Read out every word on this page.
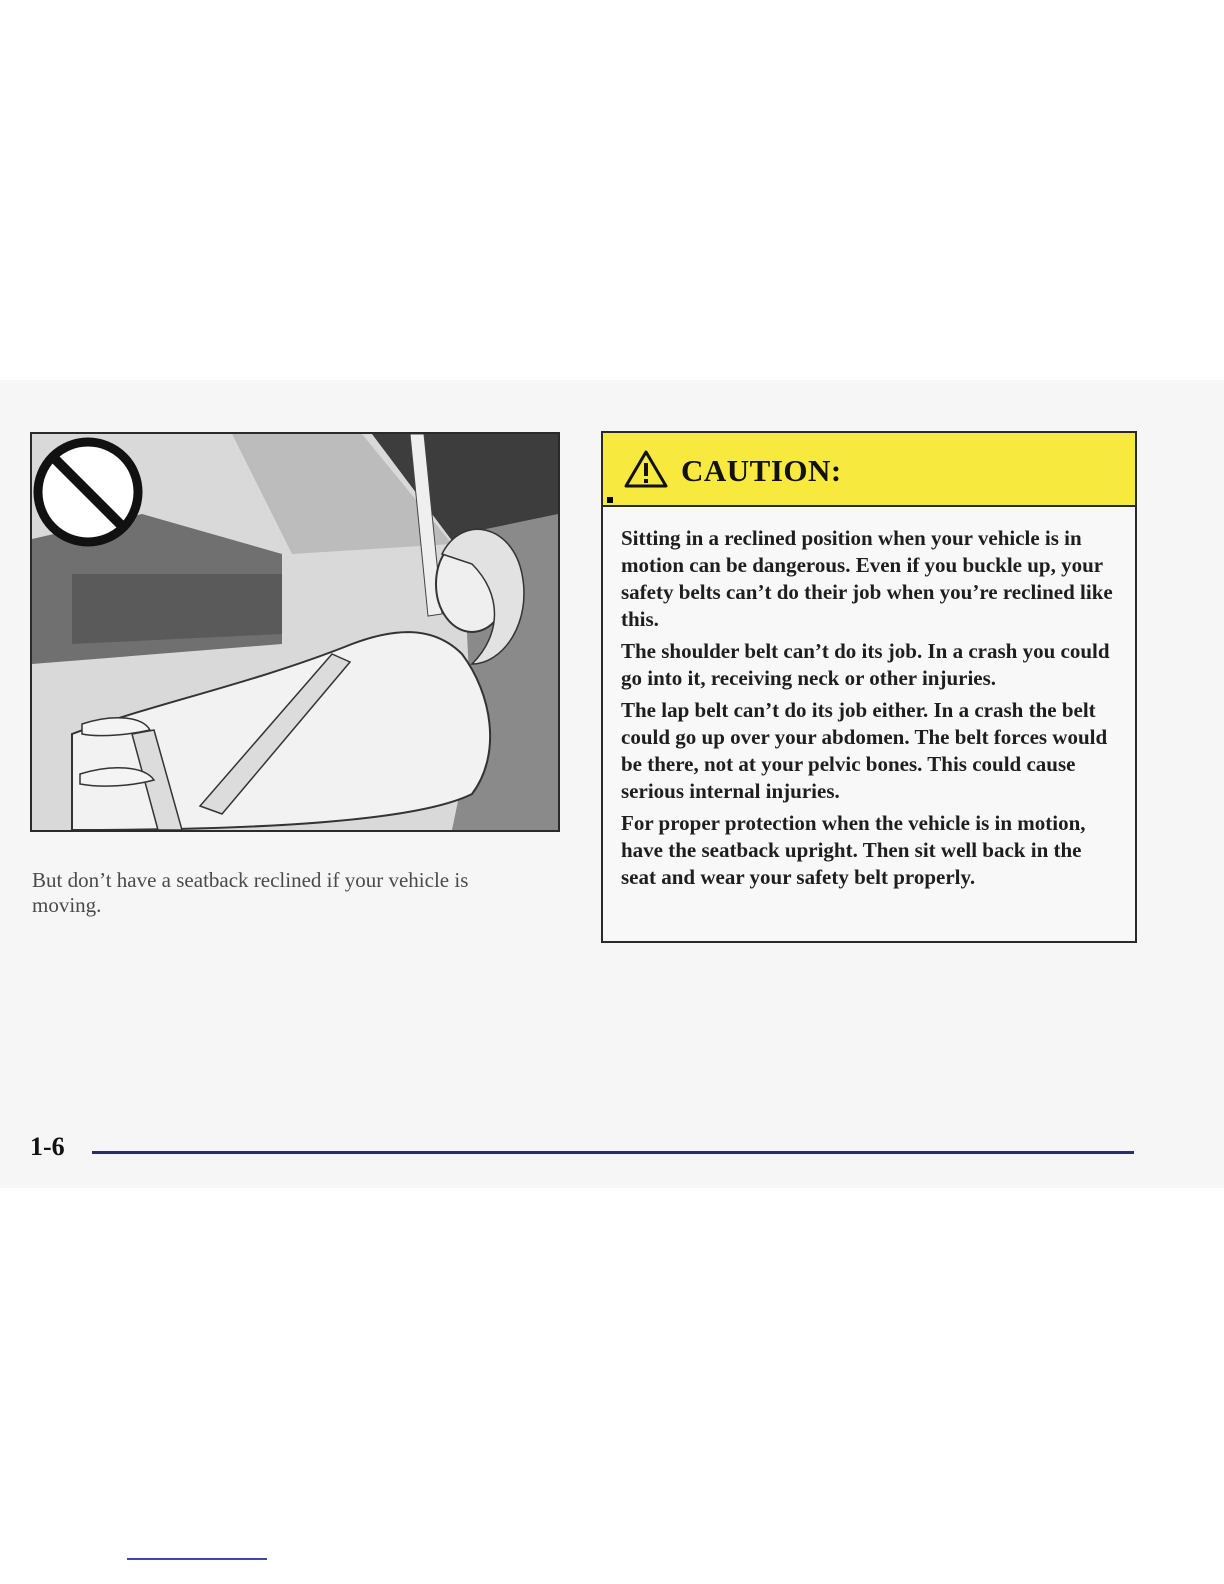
But don’t have a seatback reclined if your vehicle is moving.
CAUTION:

Sitting in a reclined position when your vehicle is in motion can be dangerous. Even if you buckle up, your safety belts can’t do their job when you’re reclined like this.

The shoulder belt can’t do its job. In a crash you could go into it, receiving neck or other injuries.

The lap belt can’t do its job either. In a crash the belt could go up over your abdomen. The belt forces would be there, not at your pelvic bones. This could cause serious internal injuries.

For proper protection when the vehicle is in motion, have the seatback upright. Then sit well back in the seat and wear your safety belt properly.

1-6
